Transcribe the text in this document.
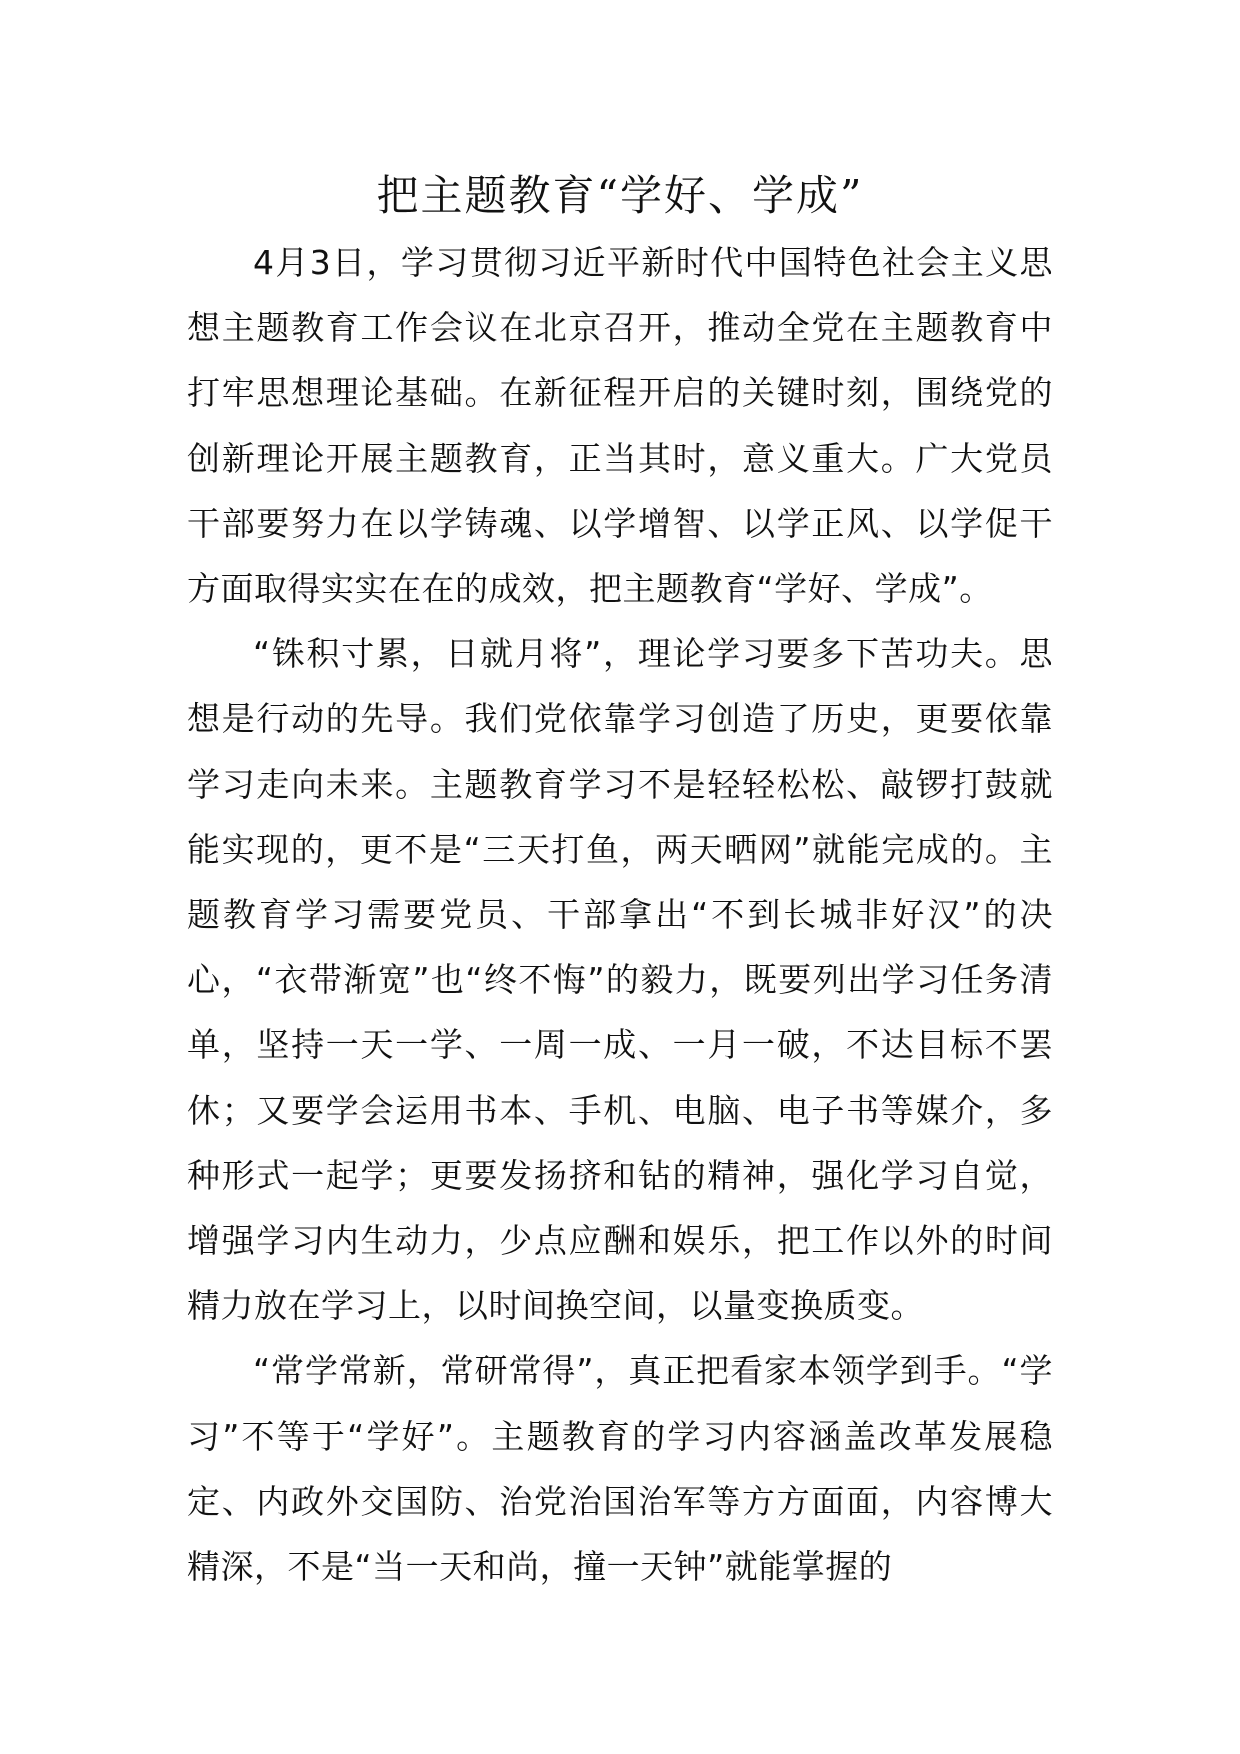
把主题教育“学好、学成”

4月3日，学习贯彻习近平新时代中国特色社会主义思想主题教育工作会议在北京召开，推动全党在主题教育中打牢思想理论基础。在新征程开启的关键时刻，围绕党的创新理论开展主题教育，正当其时，意义重大。广大党员干部要努力在以学铸魂、以学增智、以学正风、以学促干方面取得实实在在的成效，把主题教育“学好、学成”。

“铢积寸累，日就月将”，理论学习要多下苦功夫。思想是行动的先导。我们党依靠学习创造了历史，更要依靠学习走向未来。主题教育学习不是轻轻松松、敲锣打鼓就能实现的，更不是“三天打鱼，两天晒网”就能完成的。主题教育学习需要党员、干部拿出“不到长城非好汉”的决心，“衣带渐宽”也“终不悔”的毅力，既要列出学习任务清单，坚持一天一学、一周一成、一月一破，不达目标不罢休；又要学会运用书本、手机、电脑、电子书等媒介，多种形式一起学；更要发扬挤和钻的精神，强化学习自觉，增强学习内生动力，少点应酬和娱乐，把工作以外的时间精力放在学习上，以时间换空间，以量变换质变。

“常学常新，常研常得”，真正把看家本领学到手。“学习”不等于“学好”。主题教育的学习内容涵盖改革发展稳定、内政外交国防、治党治国治军等方方面面，内容博大精深，不是“当一天和尚，撞一天钟”就能掌握的
